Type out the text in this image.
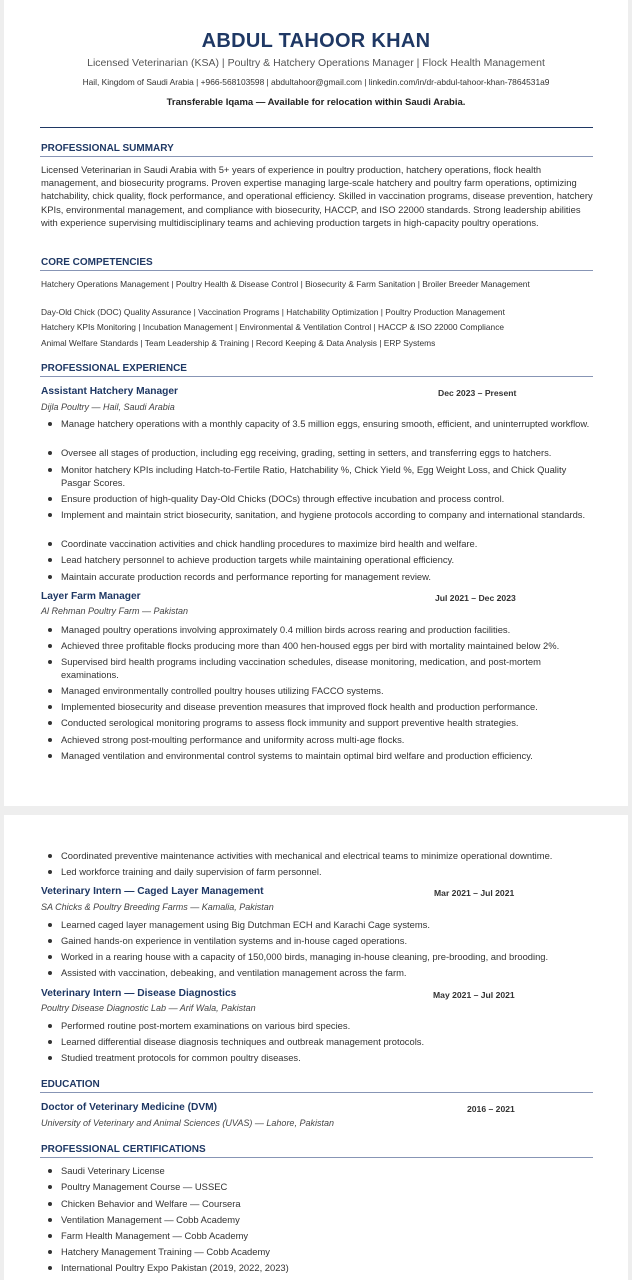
ABDUL TAHOOR KHAN
Licensed Veterinarian (KSA) | Poultry & Hatchery Operations Manager | Flock Health Management
Hail, Kingdom of Saudi Arabia | +966-568103598 | abdultahoor@gmail.com | linkedin.com/in/dr-abdul-tahoor-khan-7864531a9
Transferable Iqama — Available for relocation within Saudi Arabia.
PROFESSIONAL SUMMARY
Licensed Veterinarian in Saudi Arabia with 5+ years of experience in poultry production, hatchery operations, flock health management, and biosecurity programs. Proven expertise managing large-scale hatchery and poultry farm operations, optimizing hatchability, chick quality, flock performance, and operational efficiency. Skilled in vaccination programs, disease prevention, hatchery KPIs, environmental management, and compliance with biosecurity, HACCP, and ISO 22000 standards. Strong leadership abilities with experience supervising multidisciplinary teams and achieving production targets in high-capacity poultry operations.
CORE COMPETENCIES
Hatchery Operations Management | Poultry Health & Disease Control | Biosecurity & Farm Sanitation | Broiler Breeder Management
Day-Old Chick (DOC) Quality Assurance | Vaccination Programs | Hatchability Optimization | Poultry Production Management
Hatchery KPIs Monitoring | Incubation Management | Environmental & Ventilation Control | HACCP & ISO 22000 Compliance
Animal Welfare Standards | Team Leadership & Training | Record Keeping & Data Analysis | ERP Systems
PROFESSIONAL EXPERIENCE
Assistant Hatchery Manager	Dec 2023 – Present
Dijla Poultry — Hail, Saudi Arabia
Manage hatchery operations with a monthly capacity of 3.5 million eggs, ensuring smooth, efficient, and uninterrupted workflow.
Oversee all stages of production, including egg receiving, grading, setting in setters, and transferring eggs to hatchers.
Monitor hatchery KPIs including Hatch-to-Fertile Ratio, Hatchability %, Chick Yield %, Egg Weight Loss, and Chick Quality Pasgar Scores.
Ensure production of high-quality Day-Old Chicks (DOCs) through effective incubation and process control.
Implement and maintain strict biosecurity, sanitation, and hygiene protocols according to company and international standards.
Coordinate vaccination activities and chick handling procedures to maximize bird health and welfare.
Lead hatchery personnel to achieve production targets while maintaining operational efficiency.
Maintain accurate production records and performance reporting for management review.
Layer Farm Manager	Jul 2021 – Dec 2023
Al Rehman Poultry Farm — Pakistan
Managed poultry operations involving approximately 0.4 million birds across rearing and production facilities.
Achieved three profitable flocks producing more than 400 hen-housed eggs per bird with mortality maintained below 2%.
Supervised bird health programs including vaccination schedules, disease monitoring, medication, and post-mortem examinations.
Managed environmentally controlled poultry houses utilizing FACCO systems.
Implemented biosecurity and disease prevention measures that improved flock health and production performance.
Conducted serological monitoring programs to assess flock immunity and support preventive health strategies.
Achieved strong post-moulting performance and uniformity across multi-age flocks.
Managed ventilation and environmental control systems to maintain optimal bird welfare and production efficiency.
Coordinated preventive maintenance activities with mechanical and electrical teams to minimize operational downtime.
Led workforce training and daily supervision of farm personnel.
Veterinary Intern — Caged Layer Management	Mar 2021 – Jul 2021
SA Chicks & Poultry Breeding Farms — Kamalia, Pakistan
Learned caged layer management using Big Dutchman ECH and Karachi Cage systems.
Gained hands-on experience in ventilation systems and in-house caged operations.
Worked in a rearing house with a capacity of 150,000 birds, managing in-house cleaning, pre-brooding, and brooding.
Assisted with vaccination, debeaking, and ventilation management across the farm.
Veterinary Intern — Disease Diagnostics	May 2021 – Jul 2021
Poultry Disease Diagnostic Lab — Arif Wala, Pakistan
Performed routine post-mortem examinations on various bird species.
Learned differential disease diagnosis techniques and outbreak management protocols.
Studied treatment protocols for common poultry diseases.
EDUCATION
Doctor of Veterinary Medicine (DVM)	2016 – 2021
University of Veterinary and Animal Sciences (UVAS) — Lahore, Pakistan
PROFESSIONAL CERTIFICATIONS
Saudi Veterinary License
Poultry Management Course — USSEC
Chicken Behavior and Welfare — Coursera
Ventilation Management — Cobb Academy
Farm Health Management — Cobb Academy
Hatchery Management Training — Cobb Academy
International Poultry Expo Pakistan (2019, 2022, 2023)
